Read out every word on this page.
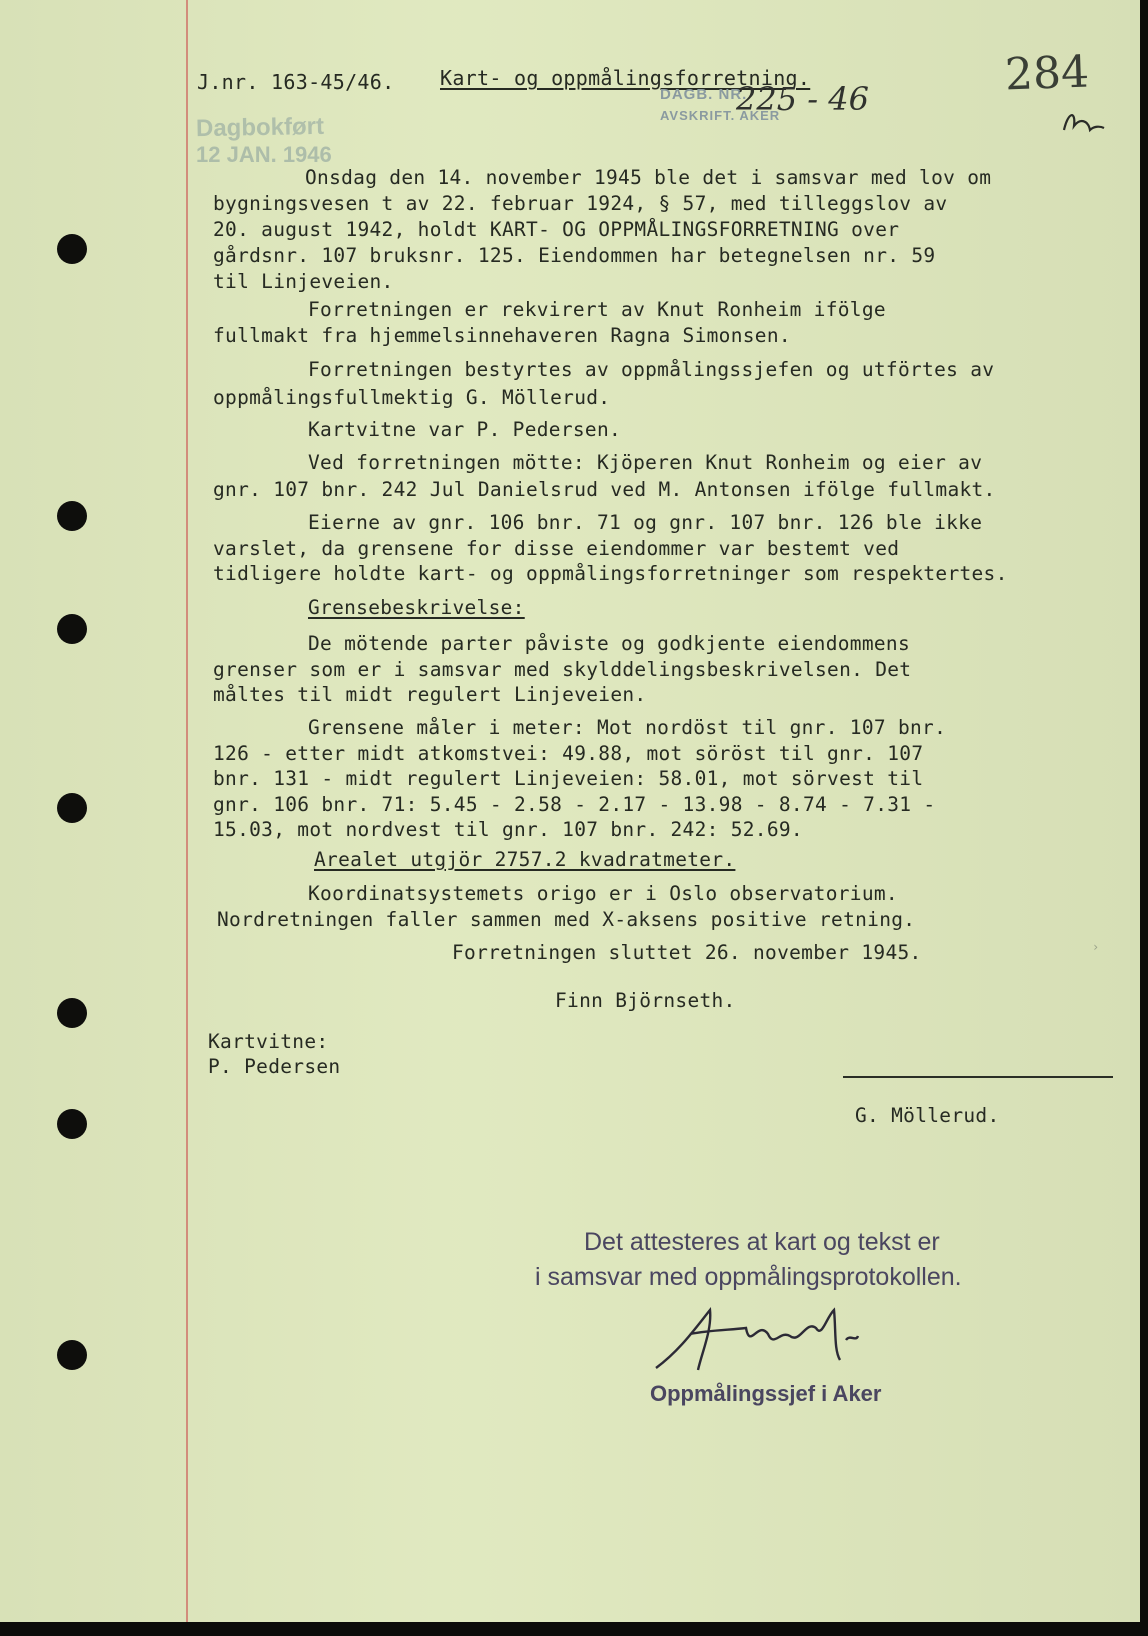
J.nr. 163-45/46. Kart- og oppmålingsforretning.	284
DAGB. NR.
225 - 46
AVSKRIFT. AKER
Dagbokført
12 JAN. 1946
Onsdag den 14. november 1945 ble det i samsvar med lov om
bygningsvesen t av 22. februar 1924, § 57, med tilleggslov av
20. august 1942, holdt KART- OG OPPMÅLINGSFORRETNING over
gårdsnr. 107 bruksnr. 125. Eiendommen har betegnelsen nr. 59
til Linjeveien.
Forretningen er rekvirert av Knut Ronheim ifölge
fullmakt fra hjemmelsinnehaveren Ragna Simonsen.
Forretningen bestyrtes av oppmålingssjefen og utförtes av
oppmålingsfullmektig G. Möllerud.
Kartvitne var P. Pedersen.
Ved forretningen mötte: Kjöperen Knut Ronheim og eier av
gnr. 107 bnr. 242 Jul Danielsrud ved M. Antonsen ifölge fullmakt.
Eierne av gnr. 106 bnr. 71 og gnr. 107 bnr. 126 ble ikke
varslet, da grensene for disse eiendommer var bestemt ved
tidligere holdte kart- og oppmålingsforretninger som respektertes.
Grensebeskrivelse:
De mötende parter påviste og godkjente eiendommens
grenser som er i samsvar med skylddelingsbeskrivelsen. Det
måltes til midt regulert Linjeveien.
Grensene måler i meter: Mot nordöst til gnr. 107 bnr.
126 - etter midt atkomstvei: 49.88, mot söröst til gnr. 107
bnr. 131 - midt regulert Linjeveien: 58.01, mot sörvest til
gnr. 106 bnr. 71: 5.45 - 2.58 - 2.17 - 13.98 - 8.74 - 7.31 -
15.03, mot nordvest til gnr. 107 bnr. 242: 52.69.
Arealet utgjör 2757.2 kvadratmeter.
Koordinatsystemets origo er i Oslo observatorium.
Nordretningen faller sammen med X-aksens positive retning.
Forretningen sluttet 26. november 1945.
Finn Björnseth.
›
Kartvitne:
P. Pedersen
G. Möllerud.
Det attesteres at kart og tekst er
i samsvar med oppmålingsprotokollen.
Oppmålingssjef i Aker
